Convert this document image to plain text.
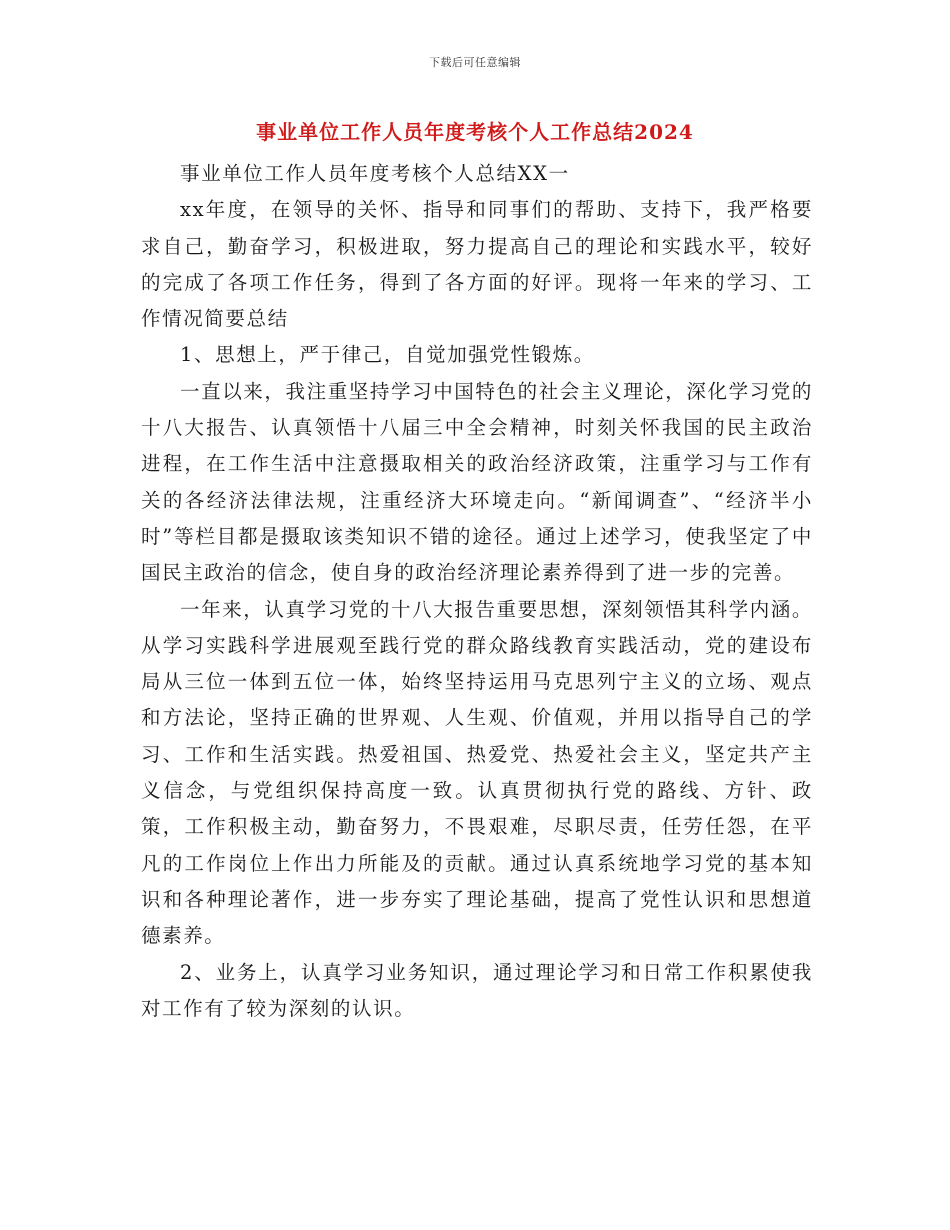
下载后可任意编辑
事业单位工作人员年度考核个人工作总结2024

事业单位工作人员年度考核个人总结XX一

xx年度，在领导的关怀、指导和同事们的帮助、支持下，我严格要求自己，勤奋学习，积极进取，努力提高自己的理论和实践水平，较好的完成了各项工作任务，得到了各方面的好评。现将一年来的学习、工作情况简要总结

1、思想上，严于律己，自觉加强党性锻炼。

一直以来，我注重坚持学习中国特色的社会主义理论，深化学习党的十八大报告、认真领悟十八届三中全会精神，时刻关怀我国的民主政治进程，在工作生活中注意摄取相关的政治经济政策，注重学习与工作有关的各经济法律法规，注重经济大环境走向。“新闻调查”、“经济半小时”等栏目都是摄取该类知识不错的途径。通过上述学习，使我坚定了中国民主政治的信念，使自身的政治经济理论素养得到了进一步的完善。

一年来，认真学习党的十八大报告重要思想，深刻领悟其科学内涵。从学习实践科学进展观至践行党的群众路线教育实践活动，党的建设布局从三位一体到五位一体，始终坚持运用马克思列宁主义的立场、观点和方法论，坚持正确的世界观、人生观、价值观，并用以指导自己的学习、工作和生活实践。热爱祖国、热爱党、热爱社会主义，坚定共产主义信念，与党组织保持高度一致。认真贯彻执行党的路线、方针、政策，工作积极主动，勤奋努力，不畏艰难，尽职尽责，任劳任怨，在平凡的工作岗位上作出力所能及的贡献。通过认真系统地学习党的基本知识和各种理论著作，进一步夯实了理论基础，提高了党性认识和思想道德素养。

2、业务上，认真学习业务知识，通过理论学习和日常工作积累使我对工作有了较为深刻的认识。
